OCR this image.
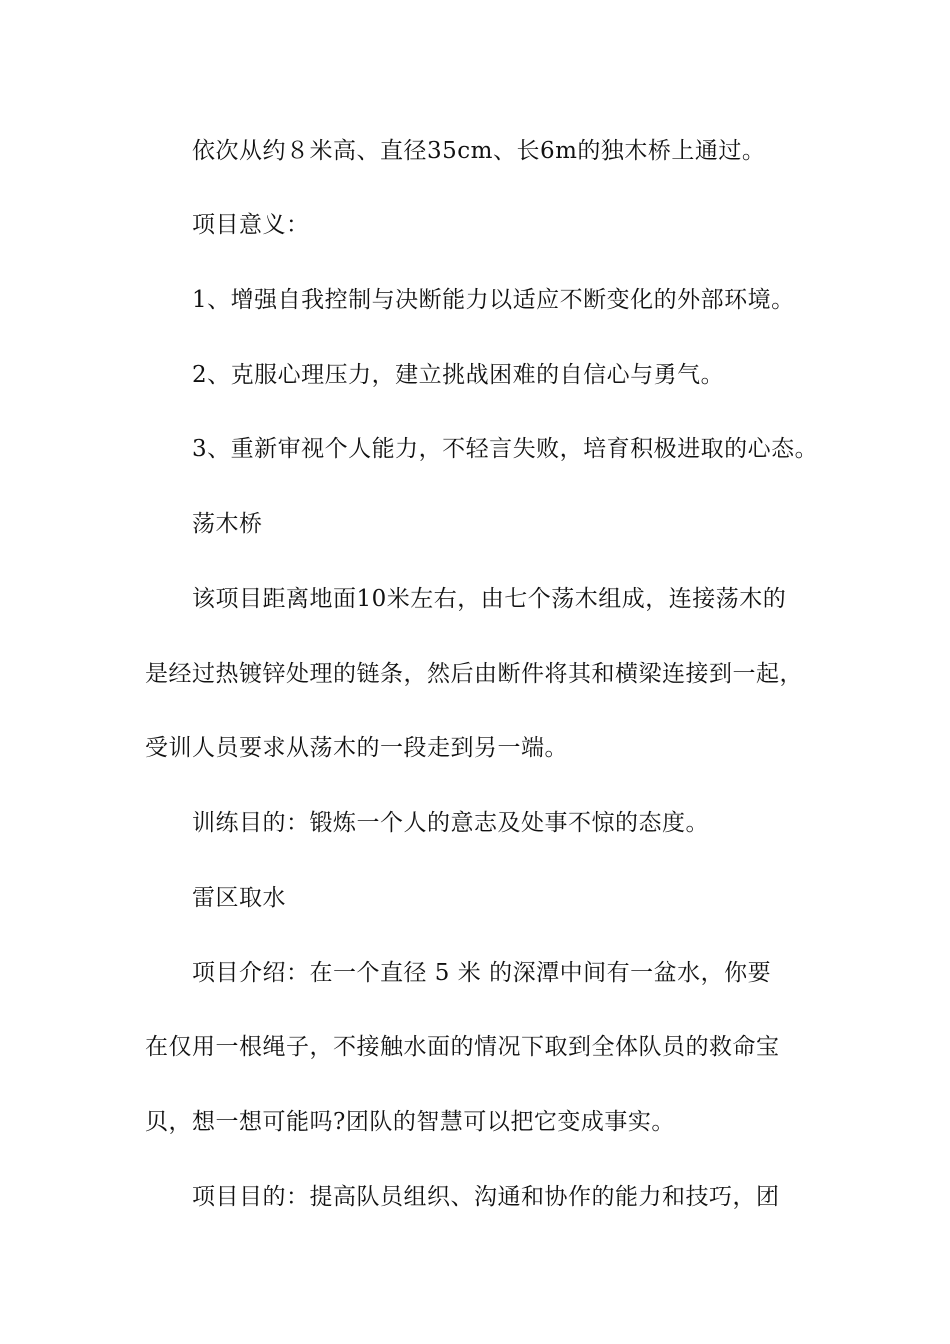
依次从约８米高、直径35cm、长6m的独木桥上通过。
项目意义：
1、增强自我控制与决断能力以适应不断变化的外部环境。
2、克服心理压力，建立挑战困难的自信心与勇气。
3、重新审视个人能力，不轻言失败，培育积极进取的心态。
荡木桥
该项目距离地面10米左右，由七个荡木组成，连接荡木的
是经过热镀锌处理的链条，然后由断件将其和横梁连接到一起，
受训人员要求从荡木的一段走到另一端。
训练目的：锻炼一个人的意志及处事不惊的态度。
雷区取水
项目介绍：在一个直径 5 米 的深潭中间有一盆水，你要
在仅用一根绳子，不接触水面的情况下取到全体队员的救命宝
贝，想一想可能吗?团队的智慧可以把它变成事实。
项目目的：提高队员组织、沟通和协作的能力和技巧，团
